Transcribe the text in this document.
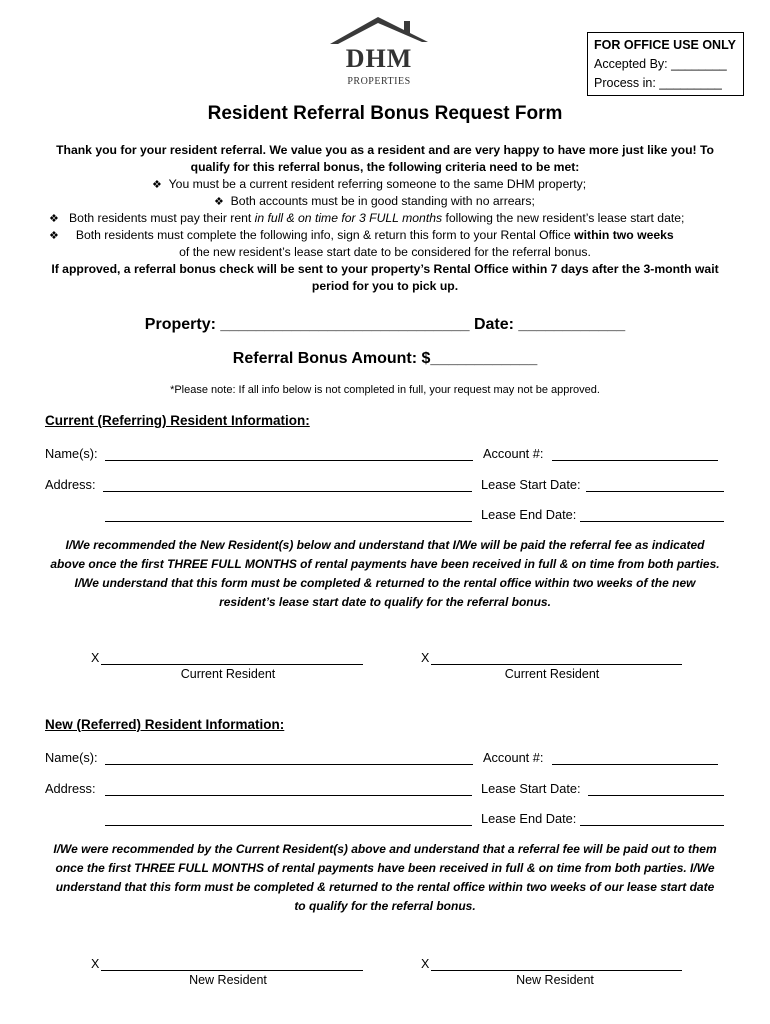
DHM
PROPERTIES
FOR OFFICE USE ONLY
Accepted By: ________
Process in: _________
Resident Referral Bonus Request Form
Thank you for your resident referral. We value you as a resident and are very happy to have more just like you! To
qualify for this referral bonus, the following criteria need to be met:
❖ You must be a current resident referring someone to the same DHM property;
❖ Both accounts must be in good standing with no arrears;
❖ Both residents must pay their rent in full & on time for 3 FULL months following the new resident’s lease start date;
❖ Both residents must complete the following info, sign & return this form to your Rental Office within two weeks
of the new resident’s lease start date to be considered for the referral bonus.
If approved, a referral bonus check will be sent to your property’s Rental Office within 7 days after the 3-month wait
period for you to pick up.
Property: ____________________________ Date: ____________
Referral Bonus Amount: $____________
*Please note: If all info below is not completed in full, your request may not be approved.
Current (Referring) Resident Information:
Name(s):	Account #:
Address:	Lease Start Date:
Lease End Date:
I/We recommended the New Resident(s) below and understand that I/We will be paid the referral fee as indicated
above once the first THREE FULL MONTHS of rental payments have been received in full & on time from both parties.
I/We understand that this form must be completed & returned to the rental office within two weeks of the new
resident’s lease start date to qualify for the referral bonus.
X
Current Resident
X
Current Resident
New (Referred) Resident Information:
Name(s):	Account #:
Address:	Lease Start Date:
Lease End Date:
I/We were recommended by the Current Resident(s) above and understand that a referral fee will be paid out to them
once the first THREE FULL MONTHS of rental payments have been received in full & on time from both parties. I/We
understand that this form must be completed & returned to the rental office within two weeks of our lease start date
to qualify for the referral bonus.
X
New Resident
X
New Resident
